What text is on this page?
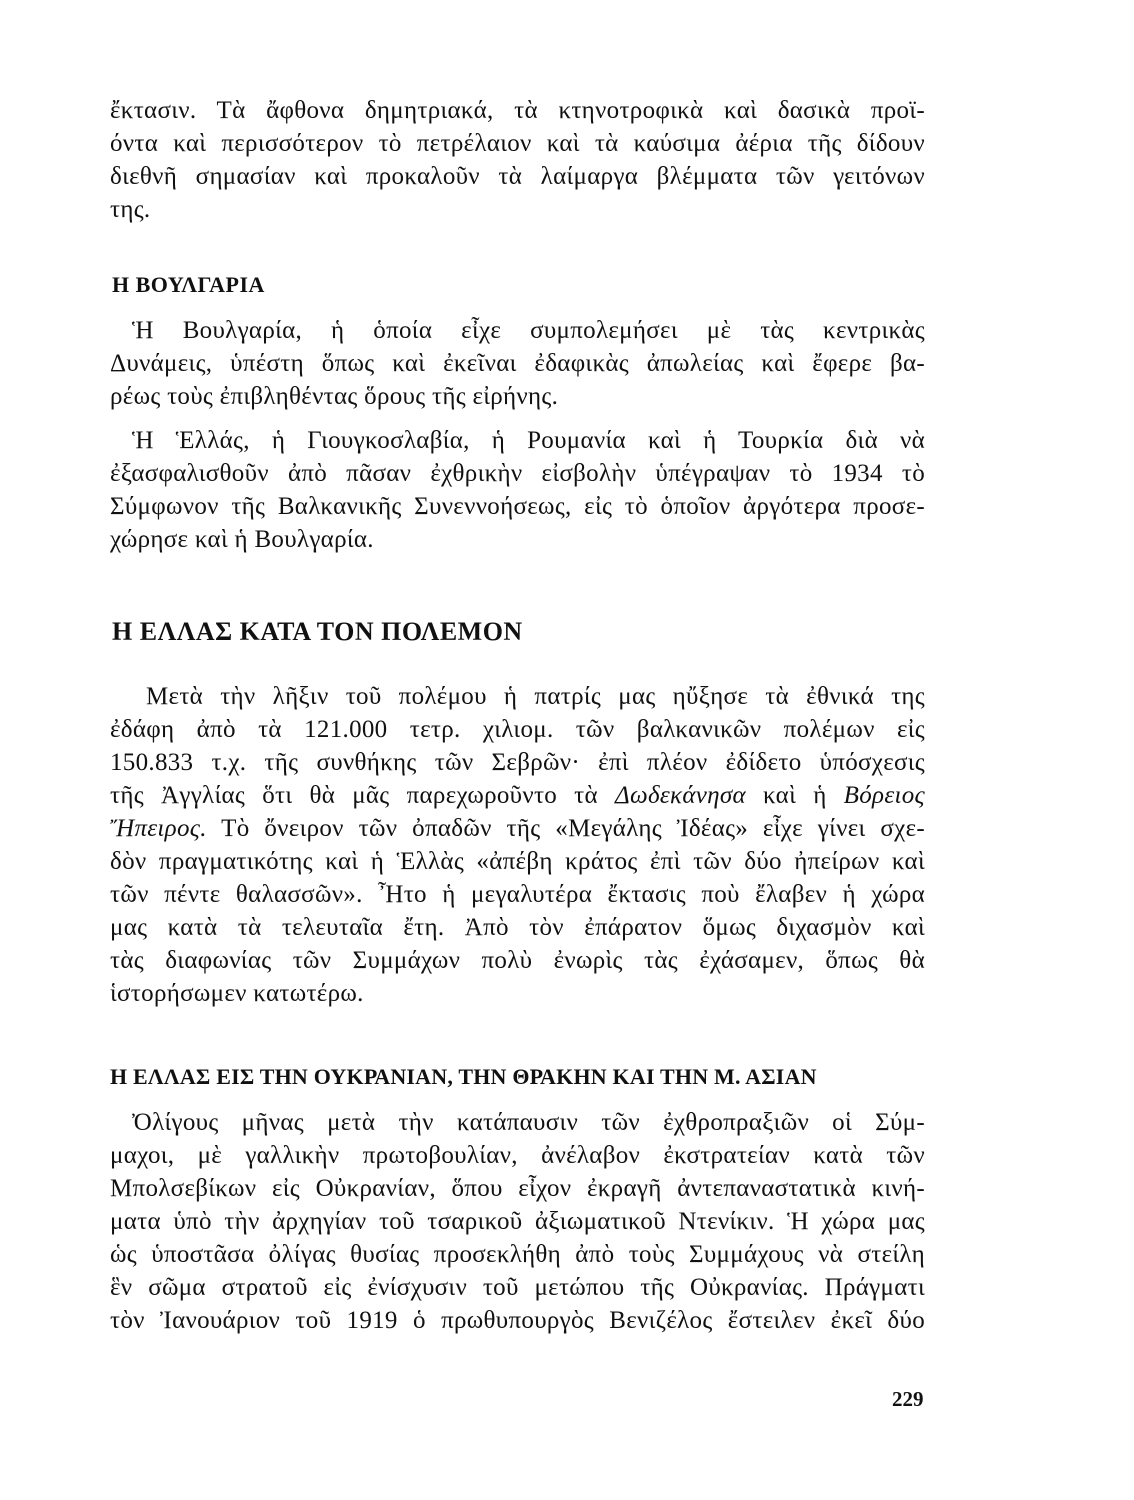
ἔκτασιν. Τὰ ἄφθονα δημητριακά, τὰ κτηνοτροφικὰ καὶ δασικὰ προϊ-
όντα καὶ περισσότερον τὸ πετρέλαιον καὶ τὰ καύσιμα ἀέρια τῆς δίδουν
διεθνῆ σημασίαν καὶ προκαλοῦν τὰ λαίμαργα βλέμματα τῶν γειτόνων
της.
Η ΒΟΥΛΓΑΡΙΑ
Ἡ Βουλγαρία, ἡ ὁποία εἶχε συμπολεμήσει μὲ τὰς κεντρικὰς
Δυνάμεις, ὑπέστη ὅπως καὶ ἐκεῖναι ἐδαφικὰς ἀπωλείας καὶ ἔφερε βα-
ρέως τοὺς ἐπιβληθέντας ὅρους τῆς εἰρήνης.
Ἡ Ἑλλάς, ἡ Γιουγκοσλαβία, ἡ Ρουμανία καὶ ἡ Τουρκία διὰ νὰ
ἐξασφαλισθοῦν ἀπὸ πᾶσαν ἐχθρικὴν εἰσβολὴν ὑπέγραψαν τὸ 1934 τὸ
Σύμφωνον τῆς Βαλκανικῆς Συνεννοήσεως, εἰς τὸ ὁποῖον ἀργότερα προσε-
χώρησε καὶ ἡ Βουλγαρία.
Η ΕΛΛΑΣ ΚΑΤΑ ΤΟΝ ΠΟΛΕΜΟΝ
Μετὰ τὴν λῆξιν τοῦ πολέμου ἡ πατρίς μας ηὔξησε τὰ ἐθνικά της
ἐδάφη ἀπὸ τὰ 121.000 τετρ. χιλιομ. τῶν βαλκανικῶν πολέμων εἰς
150.833 τ.χ. τῆς συνθήκης τῶν Σεβρῶν· ἐπὶ πλέον ἐδίδετο ὑπόσχεσις
τῆς Ἀγγλίας ὅτι θὰ μᾶς παρεχωροῦντο τὰ Δωδεκάνησα καὶ ἡ Βόρειος
Ἤπειρος. Τὸ ὄνειρον τῶν ὀπαδῶν τῆς «Μεγάλης Ἰδέας» εἶχε γίνει σχε-
δὸν πραγματικότης καὶ ἡ Ἑλλὰς «ἀπέβη κράτος ἐπὶ τῶν δύο ἠπείρων καὶ
τῶν πέντε θαλασσῶν». Ἦτο ἡ μεγαλυτέρα ἔκτασις ποὺ ἔλαβεν ἡ χώρα
μας κατὰ τὰ τελευταῖα ἔτη. Ἀπὸ τὸν ἐπάρατον ὅμως διχασμὸν καὶ
τὰς διαφωνίας τῶν Συμμάχων πολὺ ἐνωρὶς τὰς ἐχάσαμεν, ὅπως θὰ
ἱστορήσωμεν κατωτέρω.
Η ΕΛΛΑΣ ΕΙΣ ΤΗΝ ΟΥΚΡΑΝΙΑΝ, ΤΗΝ ΘΡΑΚΗΝ ΚΑΙ ΤΗΝ Μ. ΑΣΙΑΝ
Ὀλίγους μῆνας μετὰ τὴν κατάπαυσιν τῶν ἐχθροπραξιῶν οἱ Σύμ-
μαχοι, μὲ γαλλικὴν πρωτοβουλίαν, ἀνέλαβον ἐκστρατείαν κατὰ τῶν
Μπολσεβίκων εἰς Οὐκρανίαν, ὅπου εἶχον ἐκραγῆ ἀντεπαναστατικὰ κινή-
ματα ὑπὸ τὴν ἀρχηγίαν τοῦ τσαρικοῦ ἀξιωματικοῦ Ντενίκιν. Ἡ χώρα μας
ὡς ὑποστᾶσα ὀλίγας θυσίας προσεκλήθη ἀπὸ τοὺς Συμμάχους νὰ στείλη
ἓν σῶμα στρατοῦ εἰς ἐνίσχυσιν τοῦ μετώπου τῆς Οὐκρανίας. Πράγματι
τὸν Ἰανουάριον τοῦ 1919 ὁ πρωθυπουργὸς Βενιζέλος ἔστειλεν ἐκεῖ δύο

229
